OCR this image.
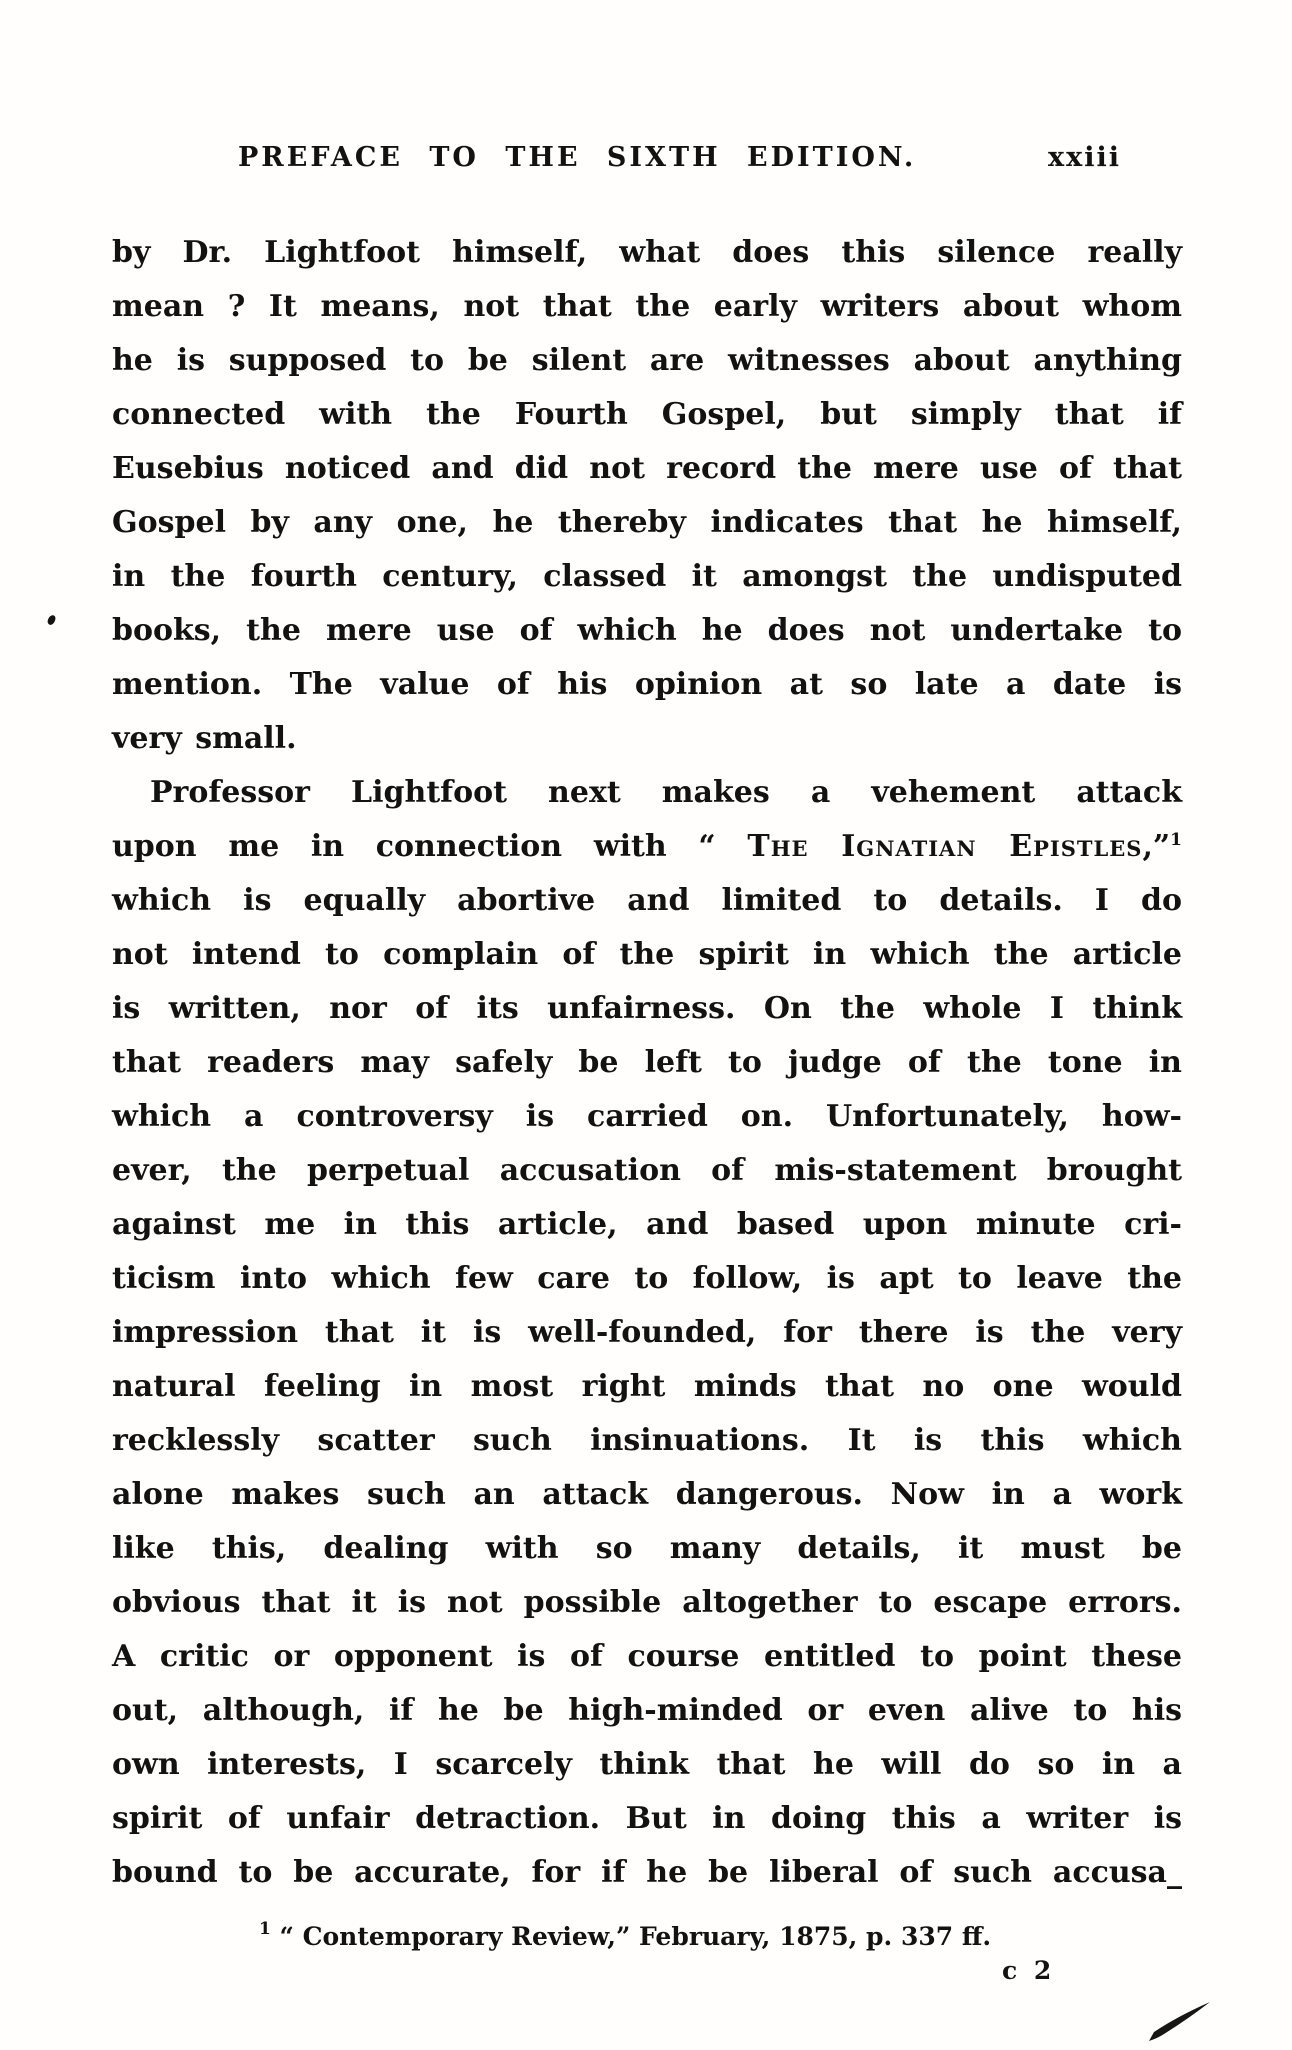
PREFACE TO THE SIXTH EDITION.	xxiii
by Dr. Lightfoot himself, what does this silence really
mean ? It means, not that the early writers about whom
he is supposed to be silent are witnesses about anything
connected with the Fourth Gospel, but simply that if
Eusebius noticed and did not record the mere use of that
Gospel by any one, he thereby indicates that he himself,
in the fourth century, classed it amongst the undisputed
books, the mere use of which he does not undertake to
mention. The value of his opinion at so late a date is
very small.
Professor Lightfoot next makes a vehement attack
upon me in connection with “ The Ignatian Epistles,”$^1$
which is equally abortive and limited to details. I do
not intend to complain of the spirit in which the article
is written, nor of its unfairness. On the whole I think
that readers may safely be left to judge of the tone in
which a controversy is carried on. Unfortunately, how-
ever, the perpetual accusation of mis-statement brought
against me in this article, and based upon minute cri-
ticism into which few care to follow, is apt to leave the
impression that it is well-founded, for there is the very
natural feeling in most right minds that no one would
recklessly scatter such insinuations. It is this which
alone makes such an attack dangerous. Now in a work
like this, dealing with so many details, it must be
obvious that it is not possible altogether to escape errors.
A critic or opponent is of course entitled to point these
out, although, if he be high-minded or even alive to his
own interests, I scarcely think that he will do so in a
spirit of unfair detraction. But in doing this a writer is
bound to be accurate, for if he be liberal of such accusa_
$^1$ “ Contemporary Review,” February, 1875, p. 337 ff.
c 2
